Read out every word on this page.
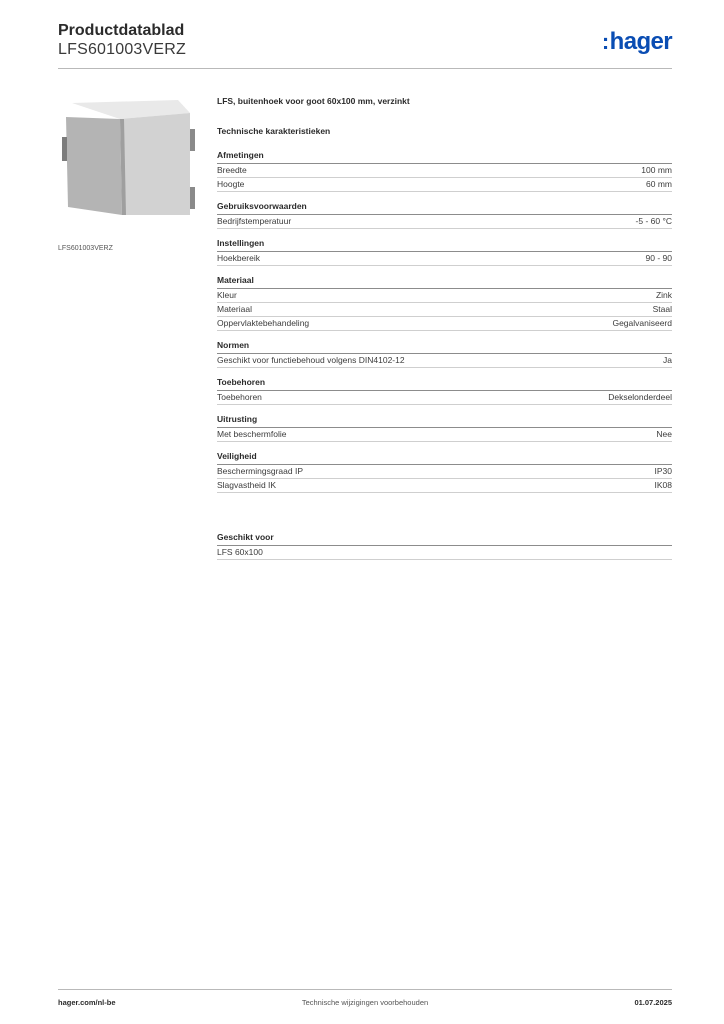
Productdatablad
LFS601003VERZ	:hager
LFS601003VERZ
LFS, buitenhoek voor goot 60x100 mm, verzinkt
Technische karakteristieken
Afmetingen
Breedte	100 mm
Hoogte	60 mm
Gebruiksvoorwaarden
Bedrijfstemperatuur	-5 - 60 °C
Instellingen
Hoekbereik	90 - 90
Materiaal
Kleur	Zink
Materiaal	Staal
Oppervlaktebehandeling	Gegalvaniseerd
Normen
Geschikt voor functiebehoud volgens DIN4102-12	Ja
Toebehoren
Toebehoren	Dekselonderdeel
Uitrusting
Met beschermfolie	Nee
Veiligheid
Beschermingsgraad IP	IP30
Slagvastheid IK	IK08
Geschikt voor
LFS 60x100
Technische wijzigingen voorbehouden
hager.com/nl-be	01.07.2025
